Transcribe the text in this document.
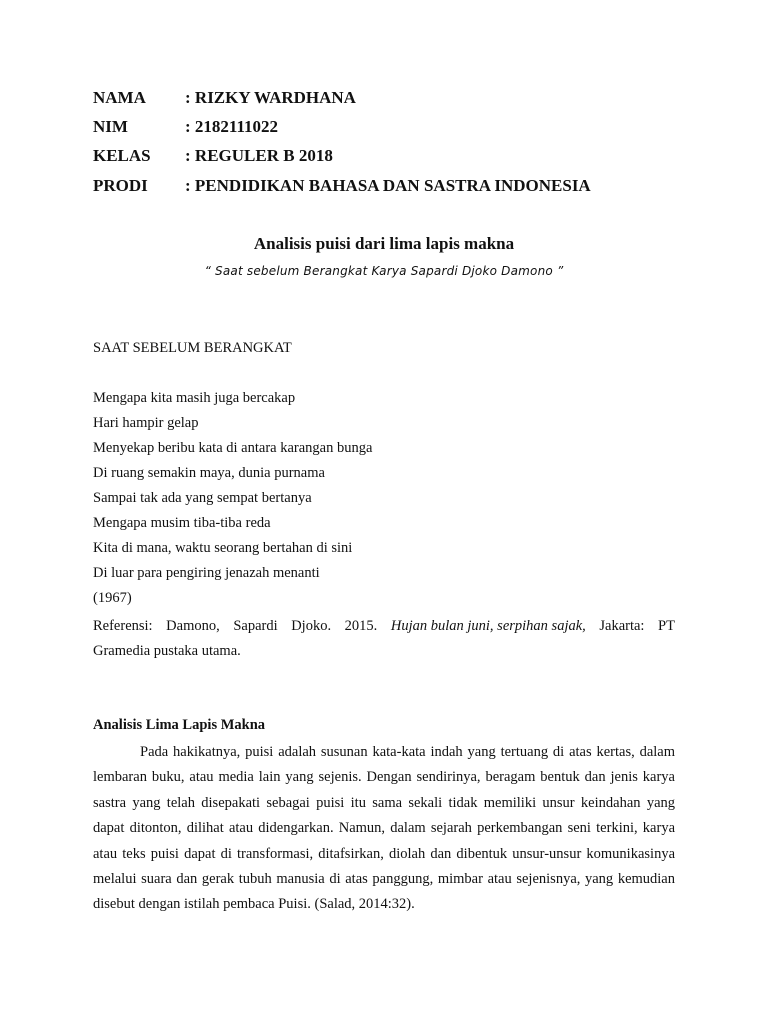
NAMA : RIZKY WARDHANA
NIM	: 2182111022
KELAS : REGULER B 2018
PRODI : PENDIDIKAN BAHASA DAN SASTRA INDONESIA
Analisis puisi dari lima lapis makna
“ Saat sebelum Berangkat Karya Sapardi Djoko Damono ”
SAAT SEBELUM BERANGKAT
Mengapa kita masih juga bercakap
Hari hampir gelap
Menyekap beribu kata di antara karangan bunga
Di ruang semakin maya, dunia purnama
Sampai tak ada yang sempat bertanya
Mengapa musim tiba-tiba reda
Kita di mana, waktu seorang bertahan di sini
Di luar para pengiring jenazah menanti
(1967)
Referensi: Damono, Sapardi Djoko. 2015. Hujan bulan juni, serpihan sajak, Jakarta: PT
Gramedia pustaka utama.
Analisis Lima Lapis Makna

Pada hakikatnya, puisi adalah susunan kata-kata indah yang tertuang di atas kertas, dalam lembaran buku, atau media lain yang sejenis. Dengan sendirinya, beragam bentuk dan jenis karya sastra yang telah disepakati sebagai puisi itu sama sekali tidak memiliki unsur keindahan yang dapat ditonton, dilihat atau didengarkan. Namun, dalam sejarah perkembangan seni terkini, karya atau teks puisi dapat di transformasi, ditafsirkan, diolah dan dibentuk unsur-unsur komunikasinya melalui suara dan gerak tubuh manusia di atas panggung, mimbar atau sejenisnya, yang kemudian disebut dengan istilah pembaca Puisi. (Salad, 2014:32).
